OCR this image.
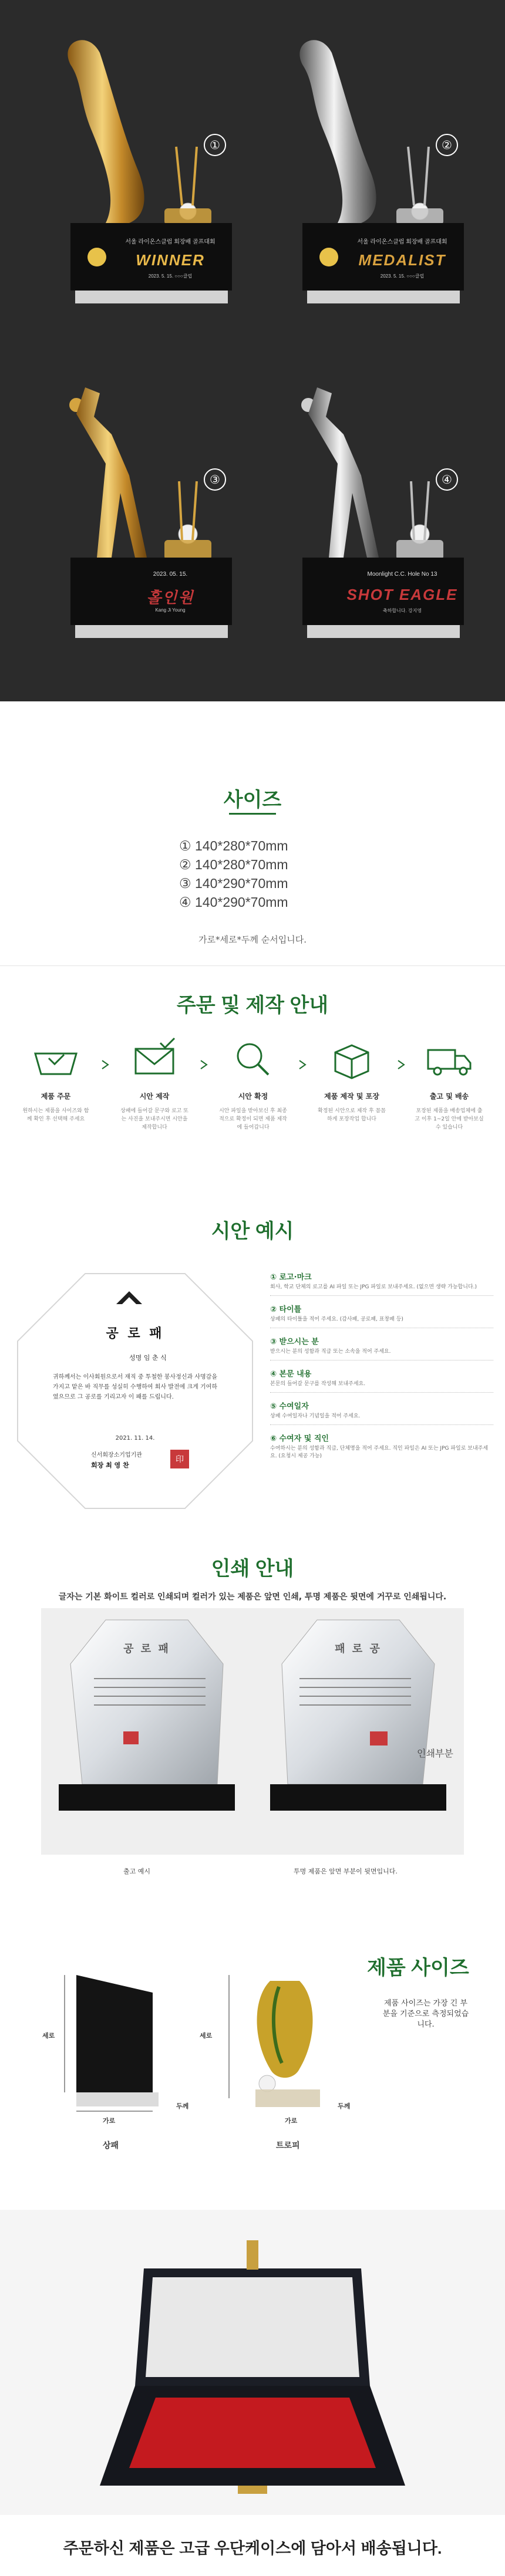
①
서울 라이온스클럽 회장배 골프대회
WINNER
2023. 5. 15. ○○○클럽
②
서울 라이온스클럽 회장배 골프대회
MEDALIST
2023. 5. 15. ○○○클럽
③
2023. 05. 15.
홀인원
Kang Ji Young
④
Moonlight C.C. Hole No 13
SHOT EAGLE
축하합니다. 강지영
사이즈
① 140*280*70mm
② 140*280*70mm
③ 140*290*70mm
④ 140*290*70mm
가로*세로*두께 순서입니다.
주문 및 제작 안내
제품 주문
원하시는 제품을 사이즈와 함께 확인 후 선택해 주세요
시안 제작
상패에 들어갈 문구와 로고 또는 사진을 보내주시면 시안을 제작합니다
시안 확정
시안 파일을 받아보신 후 최종적으로 확정이 되면 제품 제작에 들어갑니다
제품 제작 및 포장
확정된 시안으로 제작 후 꼼꼼하게 포장작업 합니다
출고 및 배송
포장된 제품을 배송업체에 출고 이후 1~2일 안에 받아보실 수 있습니다
시안 예시
공 로 패
성명 임 춘 식
귀하께서는 이사회원으로서 재직 중 투철한 봉사정신과 사명감을 가지고 맡은 바 직무를 성실히 수행하여 회사 발전에 크게 기여하였으므로 그 공로를 기리고자 이 패를 드립니다.
2021. 11. 14.
신서회장소기업기관
회장 최 영 찬
印
① 로고·마크
회사, 학교 단체의 로고를 AI 파일 또는 JPG 파일로 보내주세요. (없으면 생략 가능합니다.)
② 타이틀
상패의 타이틀을 적어 주세요. (감사패, 공로패, 표창패 등)
③ 받으시는 분
받으시는 분의 성함과 직급 또는 소속을 적어 주세요.
④ 본문 내용
본문의 들어갈 문구를 작성해 보내주세요.
⑤ 수여일자
상패 수여일자나 기념일을 적어 주세요.
⑥ 수여자 및 직인
수여하시는 분의 성함과 직급, 단체명을 적어 주세요. 직인 파일은 AI 또는 JPG 파일로 보내주세요. (요청시 제공 가능)
인쇄 안내
글자는 기본 화이트 컬러로 인쇄되며 컬러가 있는 제품은 앞면 인쇄, 투명 제품은 뒷면에 거꾸로 인쇄됩니다.
공 로 패	패 로 공
인쇄부분
출고 예시	투명 제품은 앞면 부분이 뒷면입니다.
세로
가로
두께
상패
세로
가로
두께
트로피
제품 사이즈
제품 사이즈는 가장 긴 부분을 기준으로 측정되었습니다.
주문하신 제품은 고급 우단케이스에 담아서 배송됩니다.
